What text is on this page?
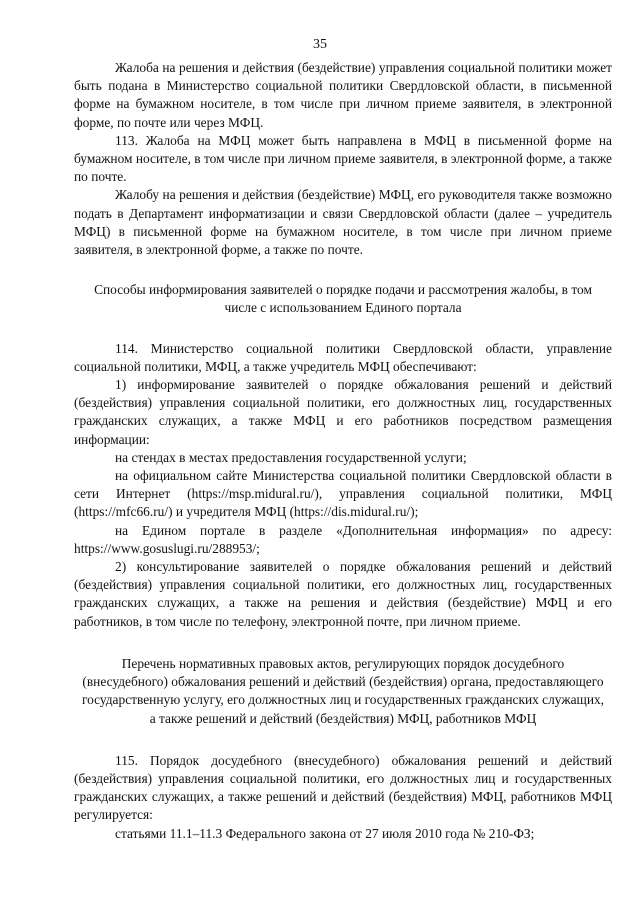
35

Жалоба на решения и действия (бездействие) управления социальной политики может быть подана в Министерство социальной политики Свердловской области, в письменной форме на бумажном носителе, в том числе при личном приеме заявителя, в электронной форме, по почте или через МФЦ.

113. Жалоба на МФЦ может быть направлена в МФЦ в письменной форме на бумажном носителе, в том числе при личном приеме заявителя, в электронной форме, а также по почте.

Жалобу на решения и действия (бездействие) МФЦ, его руководителя также возможно подать в Департамент информатизации и связи Свердловской области (далее – учредитель МФЦ) в письменной форме на бумажном носителе, в том числе при личном приеме заявителя, в электронной форме, а также по почте.

Способы информирования заявителей о порядке подачи и рассмотрения жалобы, в том числе с использованием Единого портала

114. Министерство социальной политики Свердловской области, управление социальной политики, МФЦ, а также учредитель МФЦ обеспечивают:

1) информирование заявителей о порядке обжалования решений и действий (бездействия) управления социальной политики, его должностных лиц, государственных гражданских служащих, а также МФЦ и его работников посредством размещения информации:

на стендах в местах предоставления государственной услуги;

на официальном сайте Министерства социальной политики Свердловской области в сети Интернет (https://msp.midural.ru/), управления социальной политики, МФЦ (https://mfc66.ru/) и учредителя МФЦ (https://dis.midural.ru/);

на Едином портале в разделе «Дополнительная информация» по адресу: https://www.gosuslugi.ru/288953/;

2) консультирование заявителей о порядке обжалования решений и действий (бездействия) управления социальной политики, его должностных лиц, государственных гражданских служащих, а также на решения и действия (бездействие) МФЦ и его работников, в том числе по телефону, электронной почте, при личном приеме.

Перечень нормативных правовых актов, регулирующих порядок досудебного (внесудебного) обжалования решений и действий (бездействия) органа, предоставляющего государственную услугу, его должностных лиц и государственных гражданских служащих, а также решений и действий (бездействия) МФЦ, работников МФЦ

115. Порядок досудебного (внесудебного) обжалования решений и действий (бездействия) управления социальной политики, его должностных лиц и государственных гражданских служащих, а также решений и действий (бездействия) МФЦ, работников МФЦ регулируется:

статьями 11.1–11.3 Федерального закона от 27 июля 2010 года № 210-ФЗ;
